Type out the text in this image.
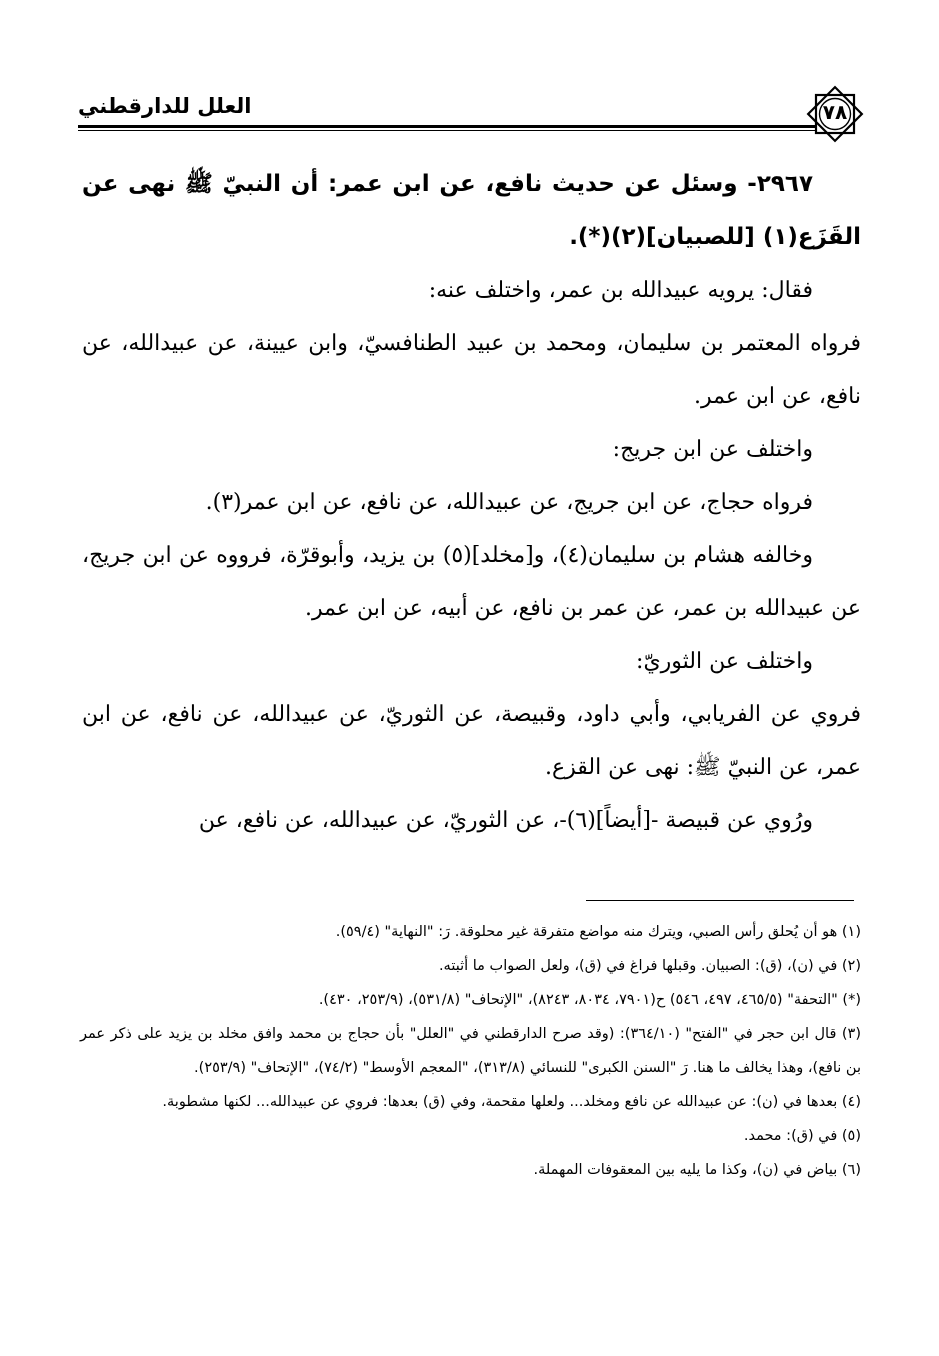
العلل للدارقطني	٧٨

٢٩٦٧- وسئل عن حديث نافع، عن ابن عمر: أن النبيّ ﷺ نهى عن القَزَع(١) [للصبيان](٢)(*).

فقال: يرويه عبيدالله بن عمر، واختلف عنه:

فرواه المعتمر بن سليمان، ومحمد بن عبيد الطنافسيّ، وابن عيينة، عن عبيدالله، عن نافع، عن ابن عمر.

واختلف عن ابن جريج:

فرواه حجاج، عن ابن جريج، عن عبيدالله، عن نافع، عن ابن عمر(٣).

وخالفه هشام بن سليمان(٤)، و[مخلد](٥) بن يزيد، وأبوقرّة، فرووه عن ابن جريج، عن عبيدالله بن عمر، عن عمر بن نافع، عن أبيه، عن ابن عمر.

واختلف عن الثوريّ:

فروي عن الفريابي، وأبي داود، وقبيصة، عن الثوريّ، عن عبيدالله، عن نافع، عن ابن عمر، عن النبيّ ﷺ: نهى عن القزع.

ورُوي عن قبيصة -[أيضاً](٦)-، عن الثوريّ، عن عبيدالله، عن نافع، عن

(١) هو أن يُحلق رأس الصبي، ويترك منه مواضع متفرقة غير محلوقة. رَ: "النهاية" (٥٩/٤).

(٢) في (ن)، (ق): الصبيان. وقبلها فراغ في (ق)، ولعل الصواب ما أثبته.

(*) "التحفة" (٤٦٥/٥، ٤٩٧، ٥٤٦) ح(٧٩٠١، ٨٠٣٤، ٨٢٤٣)، "الإتحاف" (٥٣١/٨)، (٢٥٣/٩، ٤٣٠).

(٣) قال ابن حجر في "الفتح" (٣٦٤/١٠): (وقد صرح الدارقطني في "العلل" بأن حجاج بن محمد وافق مخلد بن يزيد على ذكر عمر بن نافع)، وهذا يخالف ما هنا. رَ "السنن الكبرى" للنسائي (٣١٣/٨)، "المعجم الأوسط" (٧٤/٢)، "الإتحاف" (٢٥٣/٩).

(٤) بعدها في (ن): عن عبيدالله عن نافع ومخلد... ولعلها مقحمة، وفي (ق) بعدها: فروي عن عبيدالله... لكنها مشطوبة.

(٥) في (ق): محمد.

(٦) بياض في (ن)، وكذا ما يليه بين المعقوفات المهملة.
